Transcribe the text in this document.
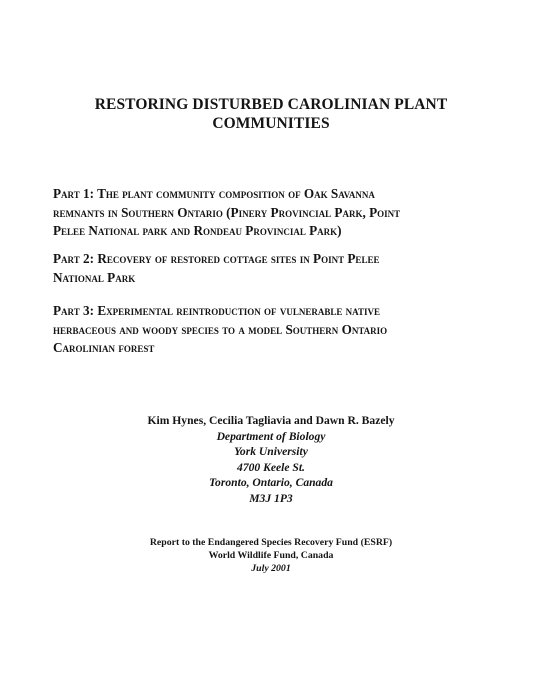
RESTORING DISTURBED CAROLINIAN PLANT
COMMUNITIES
Part 1: The plant community composition of Oak Savanna
remnants in Southern Ontario (Pinery Provincial Park, Point
Pelee National park and Rondeau Provincial Park)
Part 2: Recovery of restored cottage sites in Point Pelee
National Park
Part 3: Experimental reintroduction of vulnerable native
herbaceous and woody species to a model Southern Ontario
Carolinian forest
Kim Hynes, Cecilia Tagliavia and Dawn R. Bazely
Department of Biology
York University
4700 Keele St.
Toronto, Ontario, Canada
M3J 1P3
Report to the Endangered Species Recovery Fund (ESRF)
World Wildlife Fund, Canada
July 2001
